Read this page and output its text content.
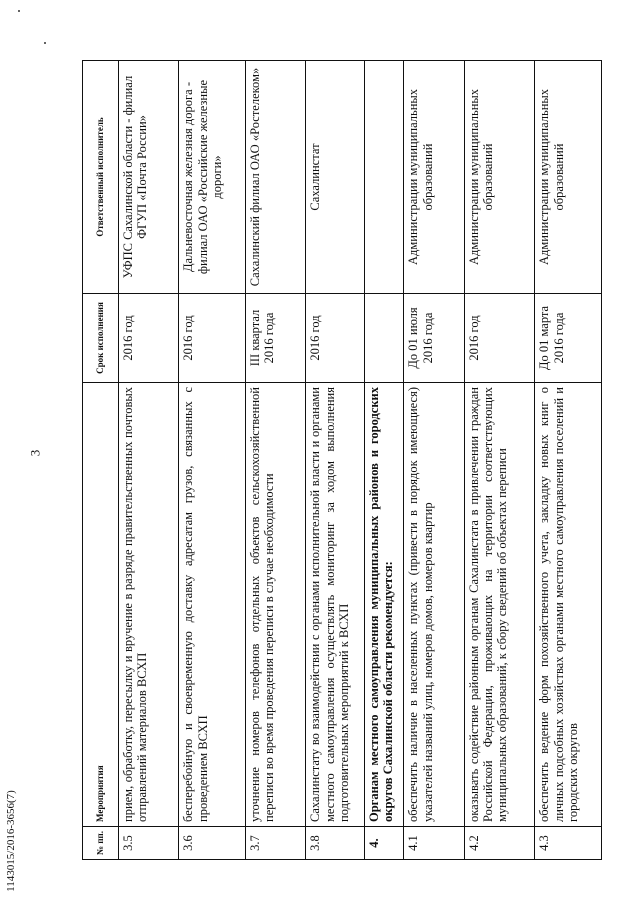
3
1143015/2016-3656(7)	№ пп.	Мероприятия	Срок исполнения	Ответственный исполнитель
3.5	прием, обработку, пересылку и вручение в разряде правительственных почтовых отправлений материалов ВСХП	2016 год	УФПС Сахалинской области - филиал ФГУП «Почта России»
3.6	бесперебойную и своевременную доставку адресатам грузов, связанных с проведением ВСХП	2016 год	Дальневосточная железная дорога - филиал ОАО «Российские железные дороги»
3.7	уточнение номеров телефонов отдельных объектов сельскохозяйственной переписи во время проведения переписи в случае необходимости	III квартал 2016 года	Сахалинский филиал ОАО «Ростелеком»
3.8	Сахалинстату во взаимодействии с органами исполнительной власти и органами местного самоуправления осуществлять мониторинг за ходом выполнения подготовительных мероприятий к ВСХП	2016 год	Сахалинстат
4.	Органам местного самоуправления муниципальных районов и городских округов Сахалинской области рекомендуется:		
4.1	обеспечить наличие в населенных пунктах (привести в порядок имеющиеся) указателей названий улиц, номеров домов, номеров квартир	До 01 июля 2016 года	Администрации муниципальных образований
4.2	оказывать содействие районным органам Сахалинстата в привлечении граждан Российской Федерации, проживающих на территории соответствующих муниципальных образований, к сбору сведений об объектах переписи	2016 год	Администрации муниципальных образований
4.3	обеспечить ведение форм похозяйственного учета, закладку новых книг о личных подсобных хозяйствах органами местного самоуправления поселений и городских округов	До 01 марта 2016 года	Администрации муниципальных образований
